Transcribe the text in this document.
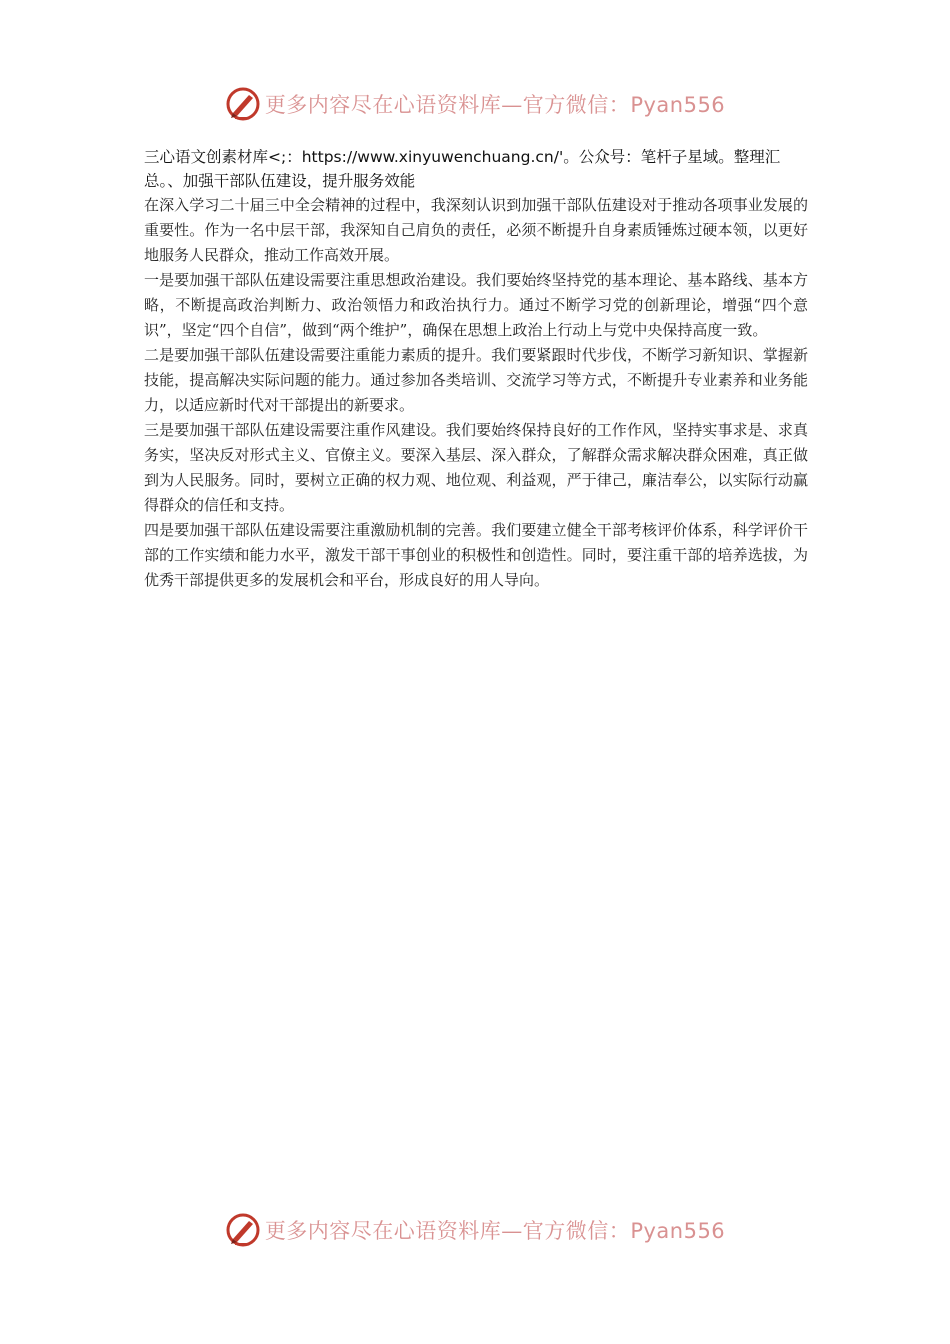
更多内容尽在心语资料库—官方微信：Pyan556

三心语文创素材库<;：https://www.xinyuwenchuang.cn/'。公众号：笔杆子星域。整理汇总。、加强干部队伍建设，提升服务效能

在深入学习二十届三中全会精神的过程中，我深刻认识到加强干部队伍建设对于推动各项事业发展的重要性。作为一名中层干部，我深知自己肩负的责任，必须不断提升自身素质锤炼过硬本领，以更好地服务人民群众，推动工作高效开展。

一是要加强干部队伍建设需要注重思想政治建设。我们要始终坚持党的基本理论、基本路线、基本方略，不断提高政治判断力、政治领悟力和政治执行力。通过不断学习党的创新理论，增强“四个意识”，坚定“四个自信”，做到“两个维护”，确保在思想上政治上行动上与党中央保持高度一致。

二是要加强干部队伍建设需要注重能力素质的提升。我们要紧跟时代步伐，不断学习新知识、掌握新技能，提高解决实际问题的能力。通过参加各类培训、交流学习等方式，不断提升专业素养和业务能力，以适应新时代对干部提出的新要求。

三是要加强干部队伍建设需要注重作风建设。我们要始终保持良好的工作作风，坚持实事求是、求真务实，坚决反对形式主义、官僚主义。要深入基层、深入群众，了解群众需求解决群众困难，真正做到为人民服务。同时，要树立正确的权力观、地位观、利益观，严于律己，廉洁奉公，以实际行动赢得群众的信任和支持。

四是要加强干部队伍建设需要注重激励机制的完善。我们要建立健全干部考核评价体系，科学评价干部的工作实绩和能力水平，激发干部干事创业的积极性和创造性。同时，要注重干部的培养选拔，为优秀干部提供更多的发展机会和平台，形成良好的用人导向。

更多内容尽在心语资料库—官方微信：Pyan556
